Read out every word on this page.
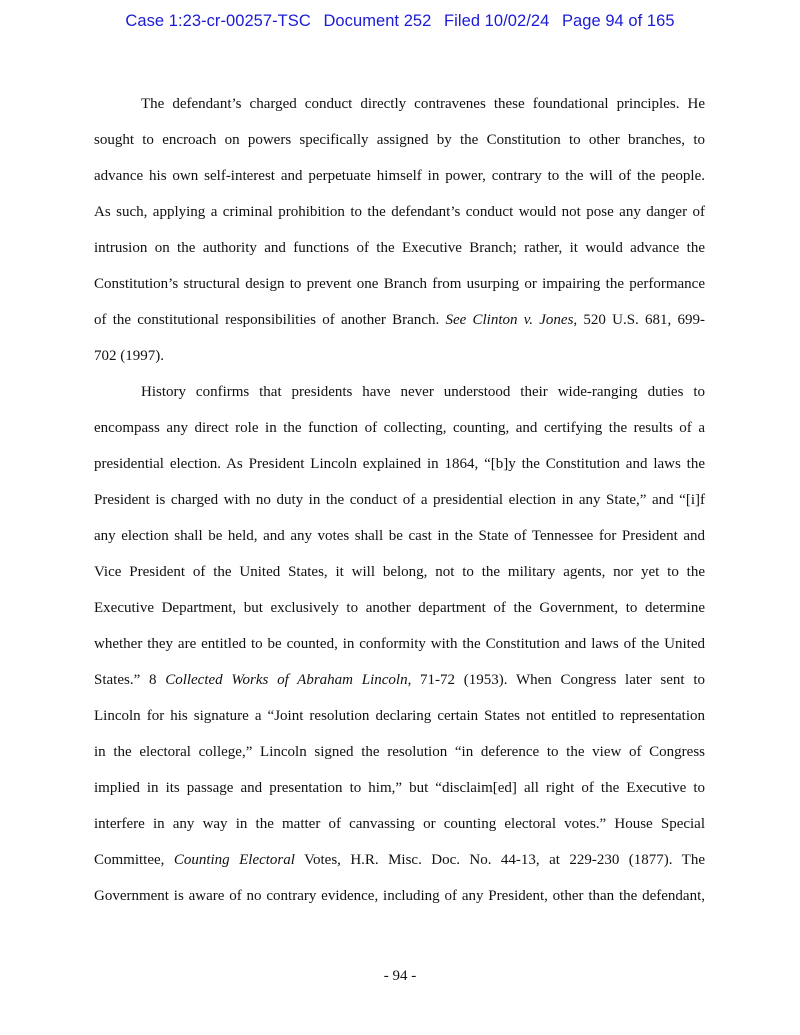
Case 1:23-cr-00257-TSC Document 252 Filed 10/02/24 Page 94 of 165
The defendant’s charged conduct directly contravenes these foundational principles. He
sought to encroach on powers specifically assigned by the Constitution to other branches, to
advance his own self-interest and perpetuate himself in power, contrary to the will of the people.
As such, applying a criminal prohibition to the defendant’s conduct would not pose any danger of
intrusion on the authority and functions of the Executive Branch; rather, it would advance the
Constitution’s structural design to prevent one Branch from usurping or impairing the performance
of the constitutional responsibilities of another Branch. See Clinton v. Jones, 520 U.S. 681, 699-
702 (1997).
History confirms that presidents have never understood their wide-ranging duties to
encompass any direct role in the function of collecting, counting, and certifying the results of a
presidential election. As President Lincoln explained in 1864, “[b]y the Constitution and laws the
President is charged with no duty in the conduct of a presidential election in any State,” and “[i]f
any election shall be held, and any votes shall be cast in the State of Tennessee for President and
Vice President of the United States, it will belong, not to the military agents, nor yet to the
Executive Department, but exclusively to another department of the Government, to determine
whether they are entitled to be counted, in conformity with the Constitution and laws of the United
States.” 8 Collected Works of Abraham Lincoln, 71-72 (1953). When Congress later sent to
Lincoln for his signature a “Joint resolution declaring certain States not entitled to representation
in the electoral college,” Lincoln signed the resolution “in deference to the view of Congress
implied in its passage and presentation to him,” but “disclaim[ed] all right of the Executive to
interfere in any way in the matter of canvassing or counting electoral votes.” House Special
Committee, Counting Electoral Votes, H.R. Misc. Doc. No. 44-13, at 229-230 (1877). The
Government is aware of no contrary evidence, including of any President, other than the defendant,
- 94 -
